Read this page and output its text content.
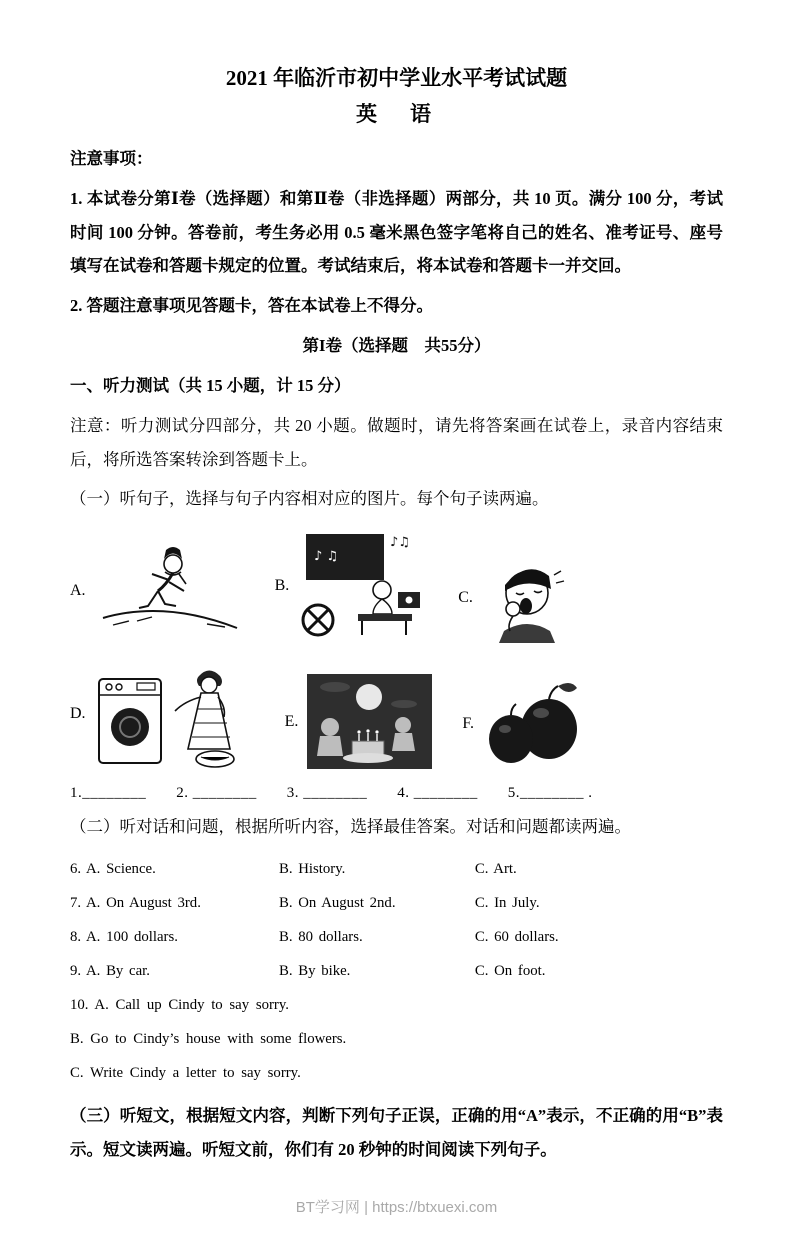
2021 年临沂市初中学业水平考试试题
英　语

注意事项：

1. 本试卷分第Ⅰ卷（选择题）和第Ⅱ卷（非选择题）两部分，共 10 页。满分 100 分，考试时间 100 分钟。答卷前，考生务必用 0.5 毫米黑色签字笔将自己的姓名、准考证号、座号填写在试卷和答题卡规定的位置。考试结束后，将本试卷和答题卡一并交回。

2. 答题注意事项见答题卡，答在本试卷上不得分。

第I卷（选择题　共55分）

一、听力测试（共 15 小题，计 15 分）

注意：听力测试分四部分，共 20 小题。做题时，请先将答案画在试卷上，录音内容结束后，将所选答案转涂到答题卡上。

（一）听句子，选择与句子内容相对应的图片。每个句子读两遍。

A.	B.
♪ ♫
♪♫
C.
D.	E.	F.
1.________ 2. ________ 3. ________ 4. ________ 5.________ .

（二）听对话和问题，根据所听内容，选择最佳答案。对话和问题都读两遍。

6. A. Science.	B. History.	C. Art.
7. A. On August 3rd.	B. On August 2nd.	C. In July.
8. A. 100 dollars.	B. 80 dollars.	C. 60 dollars.
9. A. By car.	B. By bike.	C. On foot.

10. A. Call up Cindy to say sorry.

B. Go to Cindy’s house with some flowers.

C. Write Cindy a letter to say sorry.

（三）听短文，根据短文内容，判断下列句子正误，正确的用“A”表示，不正确的用“B”表示。短文读两遍。听短文前，你们有 20 秒钟的时间阅读下列句子。

BT学习网 | https://btxuexi.com
